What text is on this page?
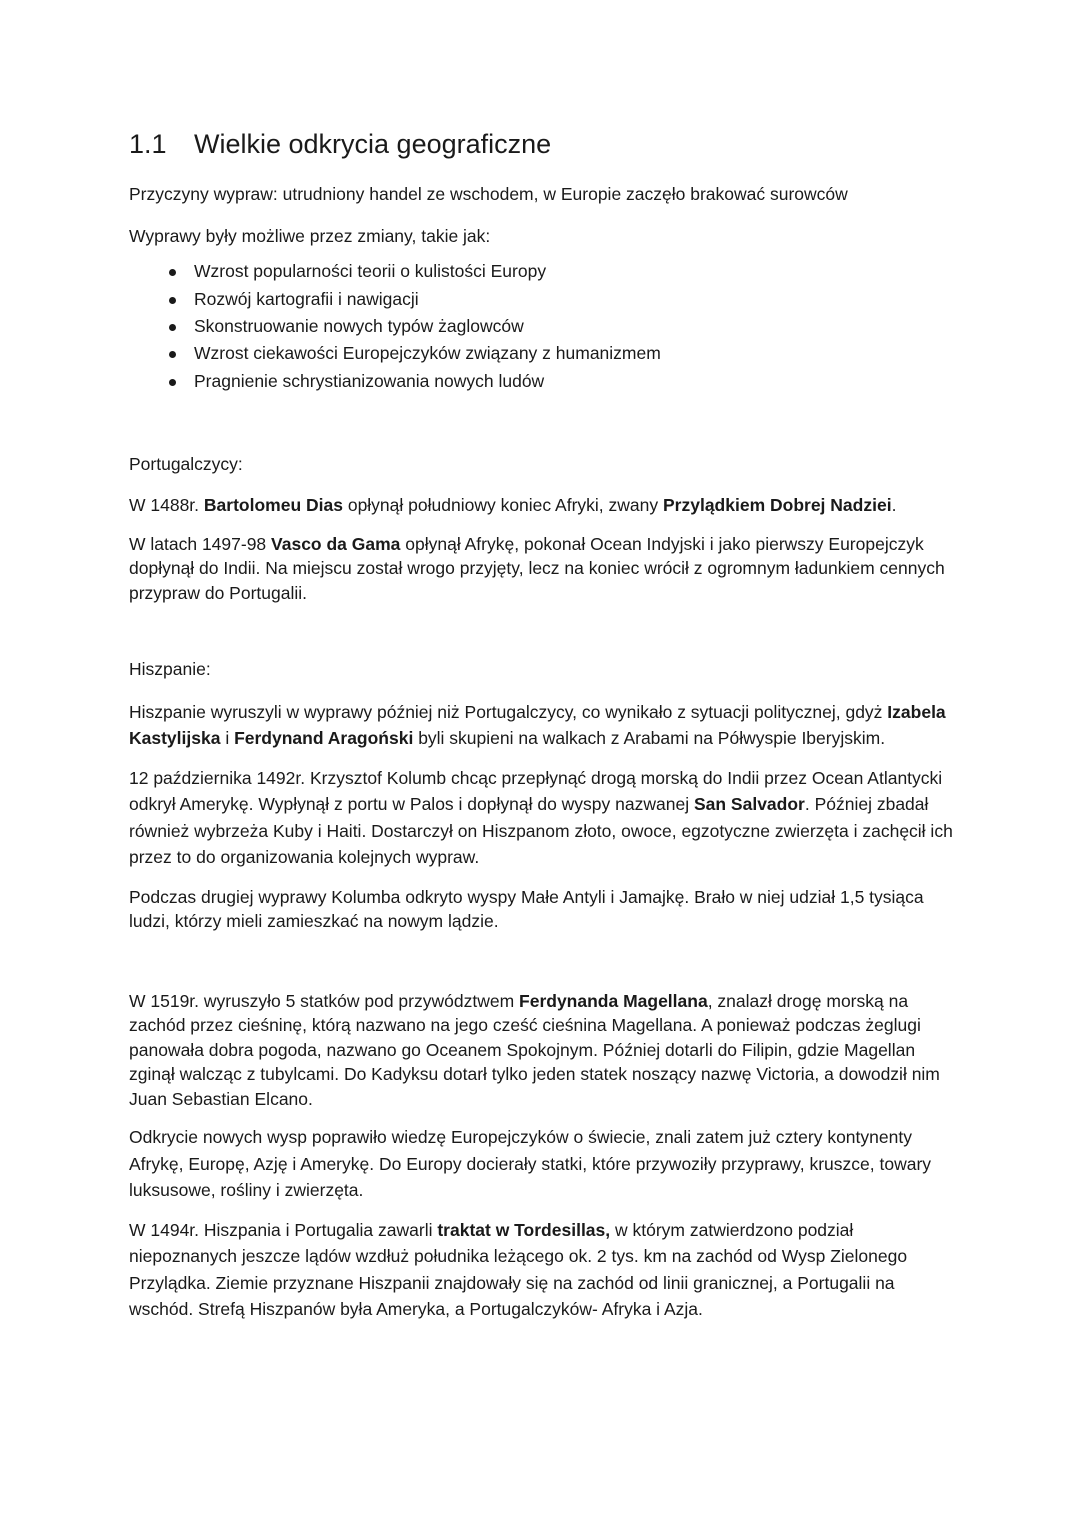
1.1	Wielkie odkrycia geograficzne

Przyczyny wypraw: utrudniony handel ze wschodem, w Europie zaczęło brakować surowców

Wyprawy były możliwe przez zmiany, takie jak:

Wzrost popularności teorii o kulistości Europy
Rozwój kartografii i nawigacji
Skonstruowanie nowych typów żaglowców
Wzrost ciekawości Europejczyków związany z humanizmem
Pragnienie schrystianizowania nowych ludów

Portugalczycy:

W 1488r. Bartolomeu Dias opłynął południowy koniec Afryki, zwany Przylądkiem Dobrej Nadziei.

W latach 1497-98 Vasco da Gama opłynął Afrykę, pokonał Ocean Indyjski i jako pierwszy Europejczyk dopłynął do Indii. Na miejscu został wrogo przyjęty, lecz na koniec wrócił z ogromnym ładunkiem cennych przypraw do Portugalii.

Hiszpanie:

Hiszpanie wyruszyli w wyprawy później niż Portugalczycy, co wynikało z sytuacji politycznej, gdyż Izabela Kastylijska i Ferdynand Aragoński byli skupieni na walkach z Arabami na Półwyspie Iberyjskim.

12 października 1492r. Krzysztof Kolumb chcąc przepłynąć drogą morską do Indii przez Ocean Atlantycki odkrył Amerykę. Wypłynął z portu w Palos i dopłynął do wyspy nazwanej San Salvador. Później zbadał również wybrzeża Kuby i Haiti. Dostarczył on Hiszpanom złoto, owoce, egzotyczne zwierzęta i zachęcił ich przez to do organizowania kolejnych wypraw.

Podczas drugiej wyprawy Kolumba odkryto wyspy Małe Antyli i Jamajkę. Brało w niej udział 1,5 tysiąca ludzi, którzy mieli zamieszkać na nowym lądzie.

W 1519r. wyruszyło 5 statków pod przywództwem Ferdynanda Magellana, znalazł drogę morską na zachód przez cieśninę, którą nazwano na jego cześć cieśnina Magellana. A ponieważ podczas żeglugi panowała dobra pogoda, nazwano go Oceanem Spokojnym. Później dotarli do Filipin, gdzie Magellan zginął walcząc z tubylcami. Do Kadyksu dotarł tylko jeden statek noszący nazwę Victoria, a dowodził nim Juan Sebastian Elcano.

Odkrycie nowych wysp poprawiło wiedzę Europejczyków o świecie, znali zatem już cztery kontynenty Afrykę, Europę, Azję i Amerykę. Do Europy docierały statki, które przywoziły przyprawy, kruszce, towary luksusowe, rośliny i zwierzęta.

W 1494r. Hiszpania i Portugalia zawarli traktat w Tordesillas, w którym zatwierdzono podział niepoznanych jeszcze lądów wzdłuż południka leżącego ok. 2 tys. km na zachód od Wysp Zielonego Przylądka. Ziemie przyznane Hiszpanii znajdowały się na zachód od linii granicznej, a Portugalii na wschód. Strefą Hiszpanów była Ameryka, a Portugalczyków- Afryka i Azja.
